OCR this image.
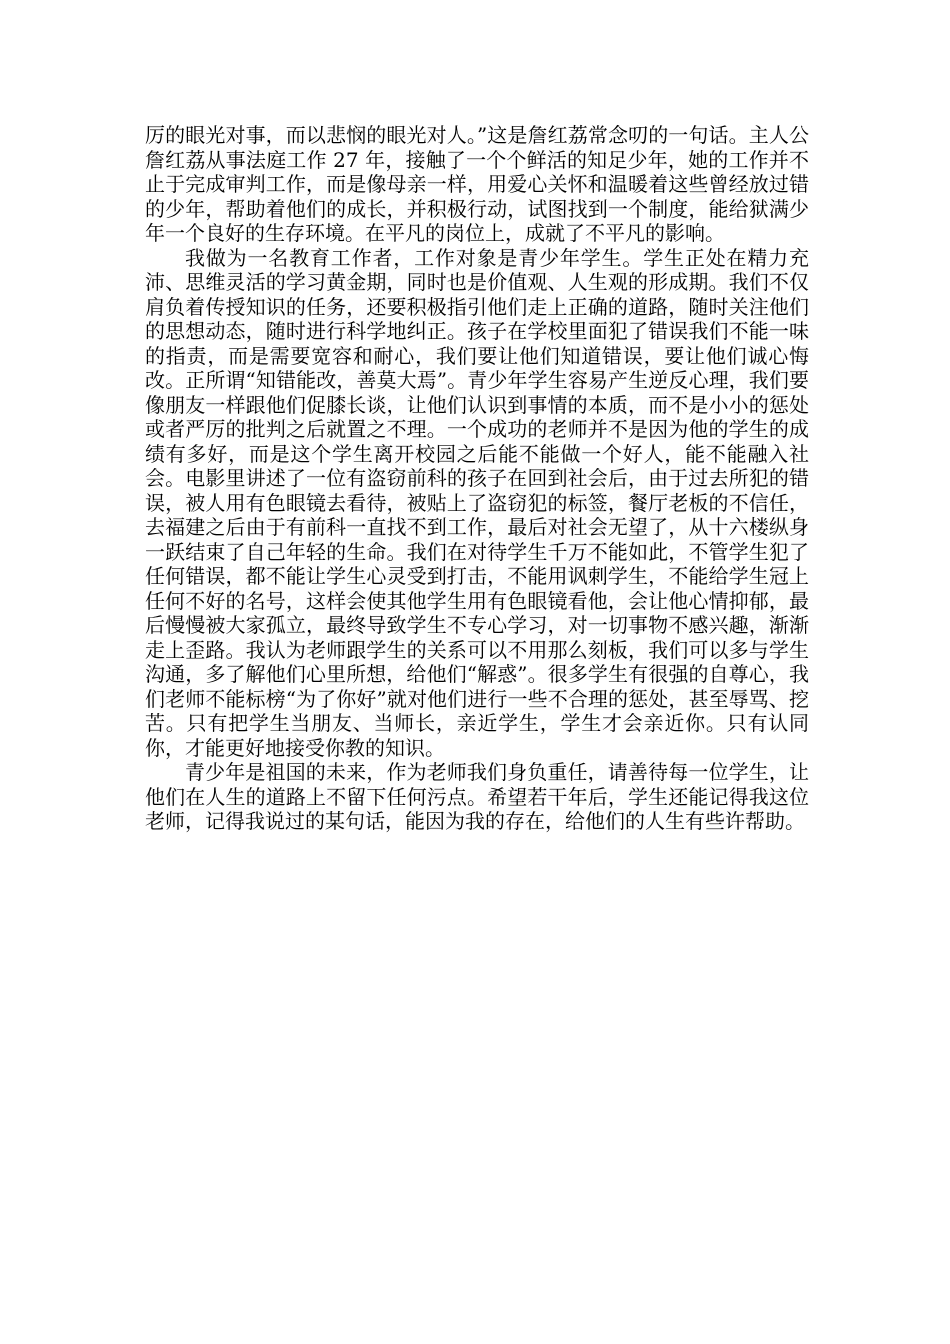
厉的眼光对事，而以悲悯的眼光对人。”这是詹红荔常念叨的一句话。主人公詹红荔从事法庭工作 27 年，接触了一个个鲜活的知足少年，她的工作并不止于完成审判工作，而是像母亲一样，用爱心关怀和温暖着这些曾经放过错的少年，帮助着他们的成长，并积极行动，试图找到一个制度，能给狱满少年一个良好的生存环境。在平凡的岗位上，成就了不平凡的影响。

我做为一名教育工作者，工作对象是青少年学生。学生正处在精力充沛、思维灵活的学习黄金期，同时也是价值观、人生观的形成期。我们不仅肩负着传授知识的任务，还要积极指引他们走上正确的道路，随时关注他们的思想动态，随时进行科学地纠正。孩子在学校里面犯了错误我们不能一味的指责，而是需要宽容和耐心，我们要让他们知道错误，要让他们诚心悔改。正所谓“知错能改，善莫大焉”。青少年学生容易产生逆反心理，我们要像朋友一样跟他们促膝长谈，让他们认识到事情的本质，而不是小小的惩处或者严厉的批判之后就置之不理。一个成功的老师并不是因为他的学生的成绩有多好，而是这个学生离开校园之后能不能做一个好人，能不能融入社会。电影里讲述了一位有盗窃前科的孩子在回到社会后，由于过去所犯的错误，被人用有色眼镜去看待，被贴上了盗窃犯的标签，餐厅老板的不信任，去福建之后由于有前科一直找不到工作，最后对社会无望了，从十六楼纵身一跃结束了自己年轻的生命。我们在对待学生千万不能如此，不管学生犯了任何错误，都不能让学生心灵受到打击，不能用讽刺学生，不能给学生冠上任何不好的名号，这样会使其他学生用有色眼镜看他，会让他心情抑郁，最后慢慢被大家孤立，最终导致学生不专心学习，对一切事物不感兴趣，渐渐走上歪路。我认为老师跟学生的关系可以不用那么刻板，我们可以多与学生沟通，多了解他们心里所想，给他们“解惑”。很多学生有很强的自尊心，我们老师不能标榜“为了你好”就对他们进行一些不合理的惩处，甚至辱骂、挖苦。只有把学生当朋友、当师长，亲近学生，学生才会亲近你。只有认同你，才能更好地接受你教的知识。

青少年是祖国的未来，作为老师我们身负重任，请善待每一位学生，让他们在人生的道路上不留下任何污点。希望若干年后，学生还能记得我这位老师，记得我说过的某句话，能因为我的存在，给他们的人生有些许帮助。
